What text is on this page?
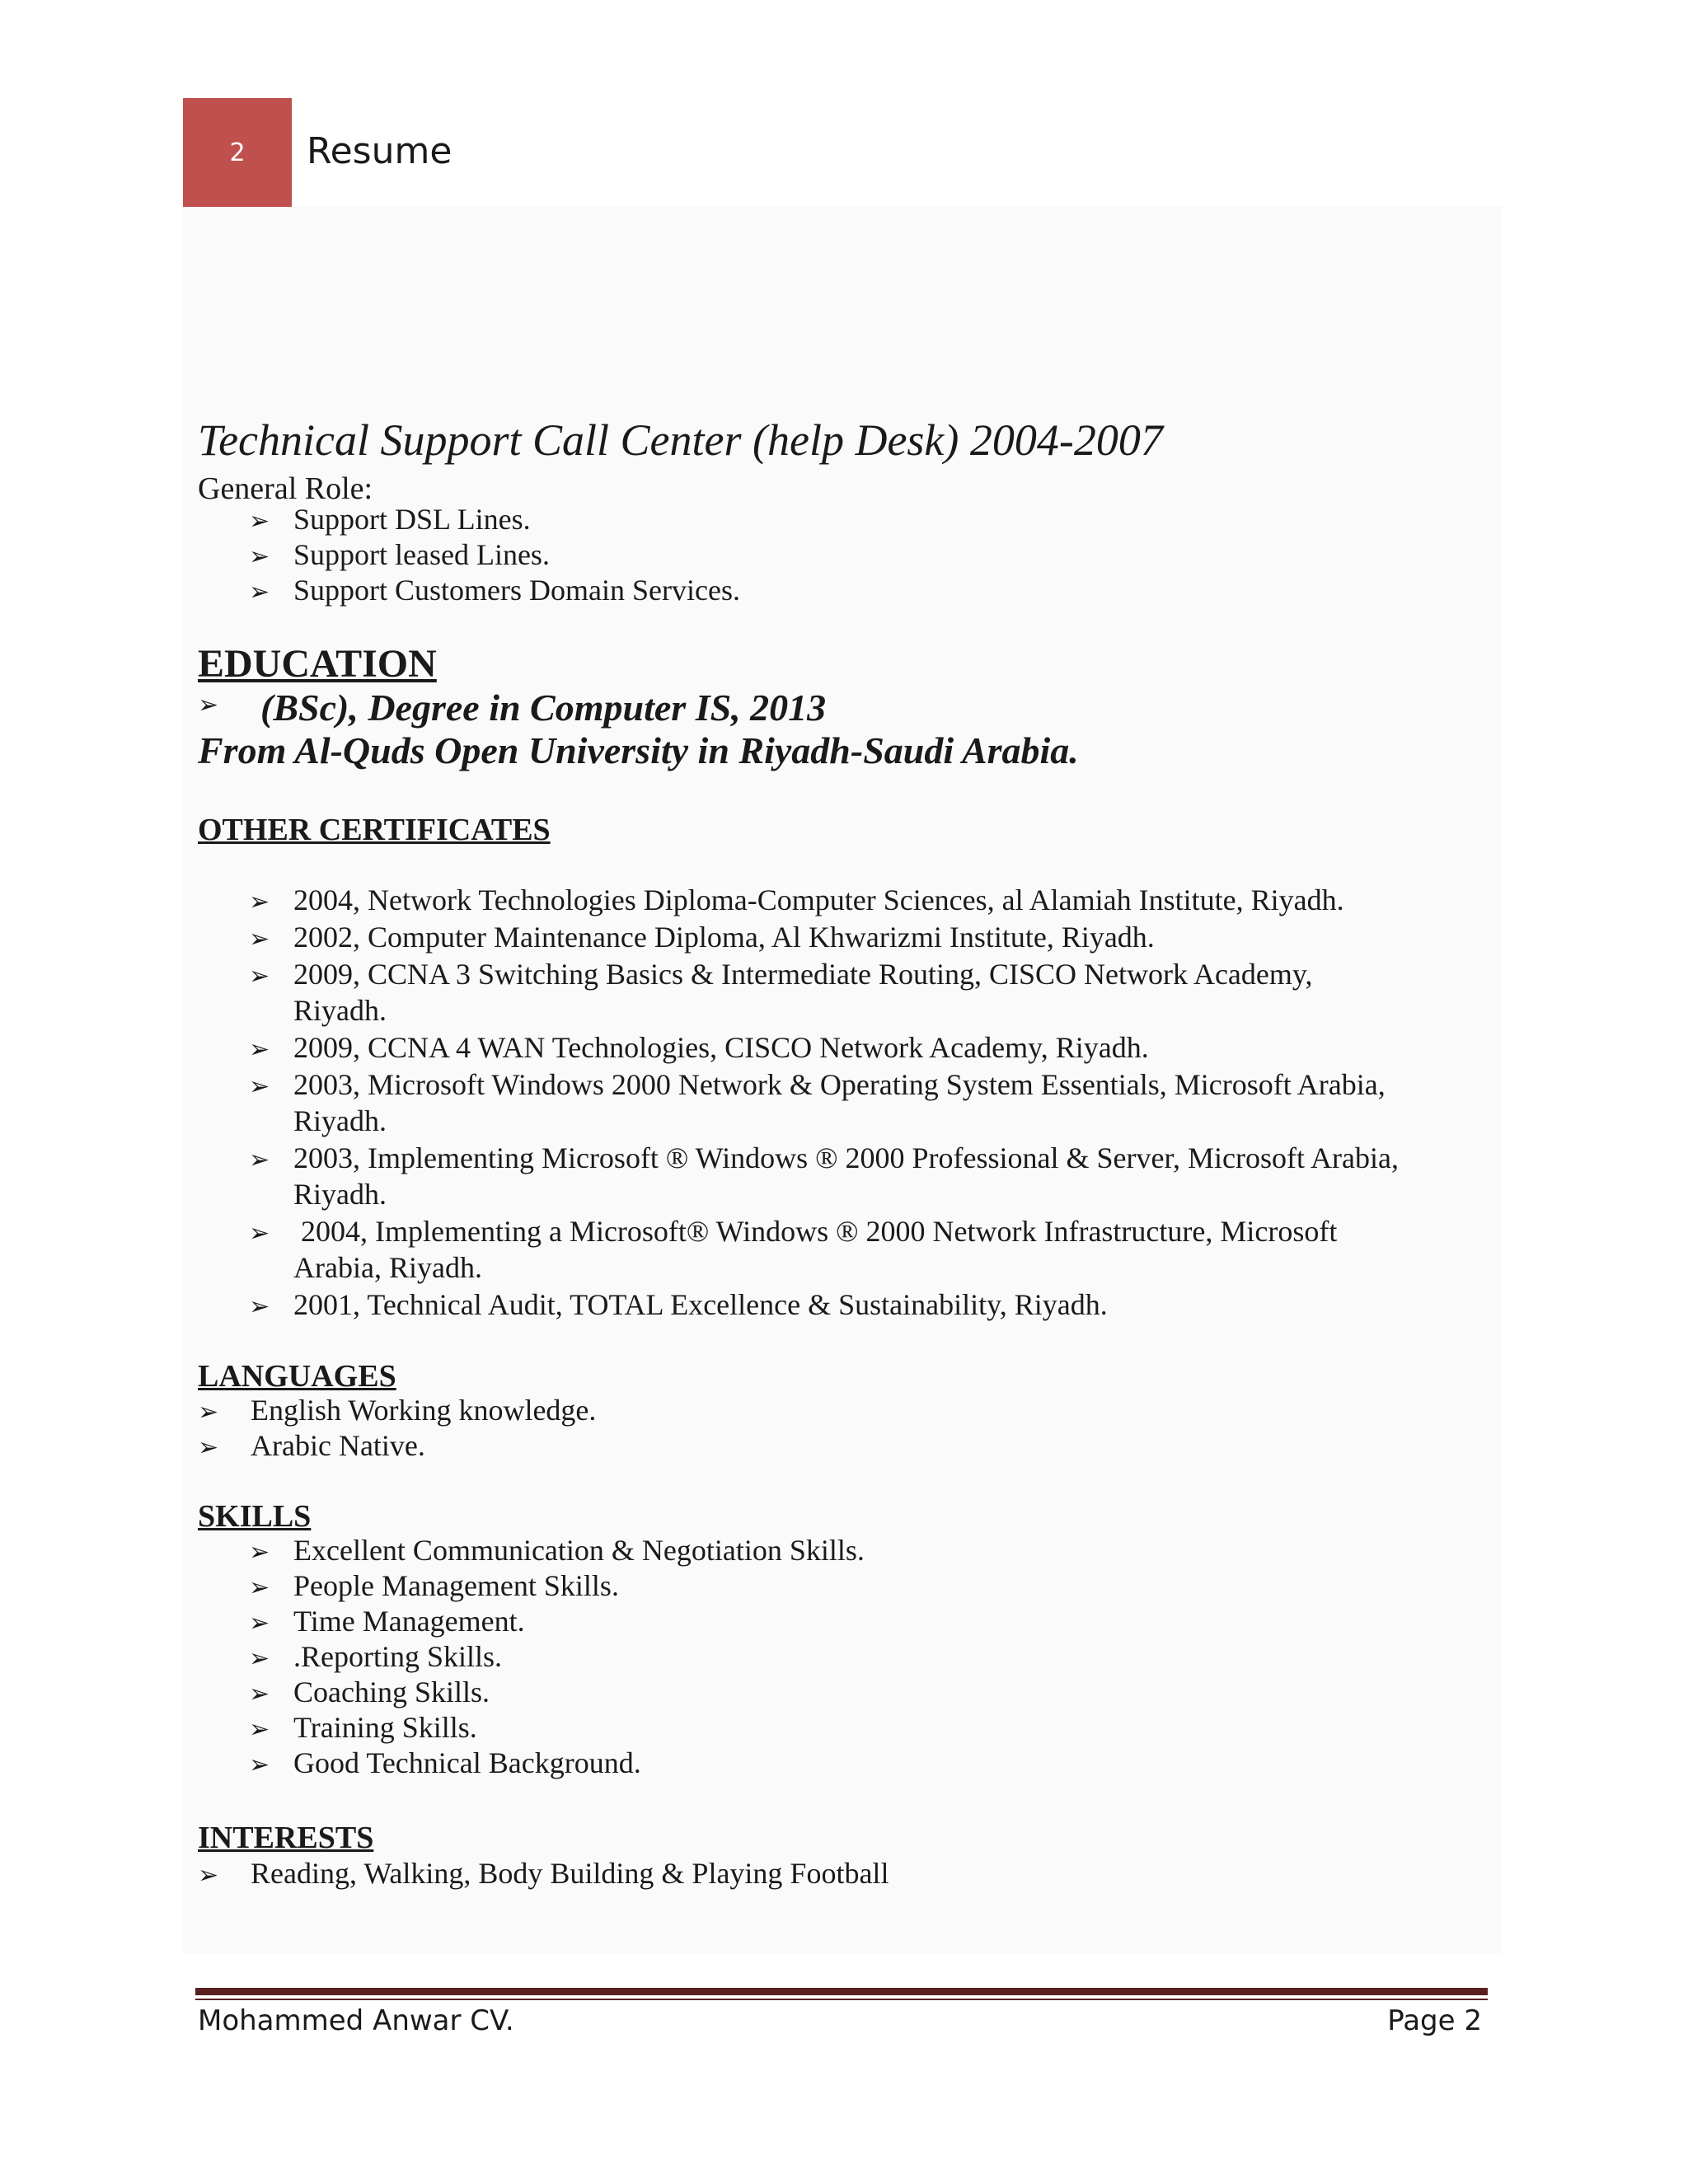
2 Resume
Technical Support Call Center (help Desk) 2004-2007
General Role:
➢ Support DSL Lines.
➢ Support leased Lines.
➢ Support Customers Domain Services.
EDUCATION
➢ (BSc), Degree in Computer IS, 2013
From Al-Quds Open University in Riyadh-Saudi Arabia.
OTHER CERTIFICATES
➢ 2004, Network Technologies Diploma-Computer Sciences, al Alamiah Institute, Riyadh.
➢ 2002, Computer Maintenance Diploma, Al Khwarizmi Institute, Riyadh.
➢ 2009, CCNA 3 Switching Basics & Intermediate Routing, CISCO Network Academy,
Riyadh.
➢ 2009, CCNA 4 WAN Technologies, CISCO Network Academy, Riyadh.
➢ 2003, Microsoft Windows 2000 Network & Operating System Essentials, Microsoft Arabia,
Riyadh.
➢ 2003, Implementing Microsoft ® Windows ® 2000 Professional & Server, Microsoft Arabia,
Riyadh.
➢ 2004, Implementing a Microsoft® Windows ® 2000 Network Infrastructure, Microsoft
Arabia, Riyadh.
➢ 2001, Technical Audit, TOTAL Excellence & Sustainability, Riyadh.
LANGUAGES
➢ English Working knowledge.
➢ Arabic Native.
SKILLS
➢ Excellent Communication & Negotiation Skills.
➢ People Management Skills.
➢ Time Management.
➢ .Reporting Skills.
➢ Coaching Skills.
➢ Training Skills.
➢ Good Technical Background.
INTERESTS
➢ Reading, Walking, Body Building & Playing Football
Mohammed Anwar CV.	Page 2
